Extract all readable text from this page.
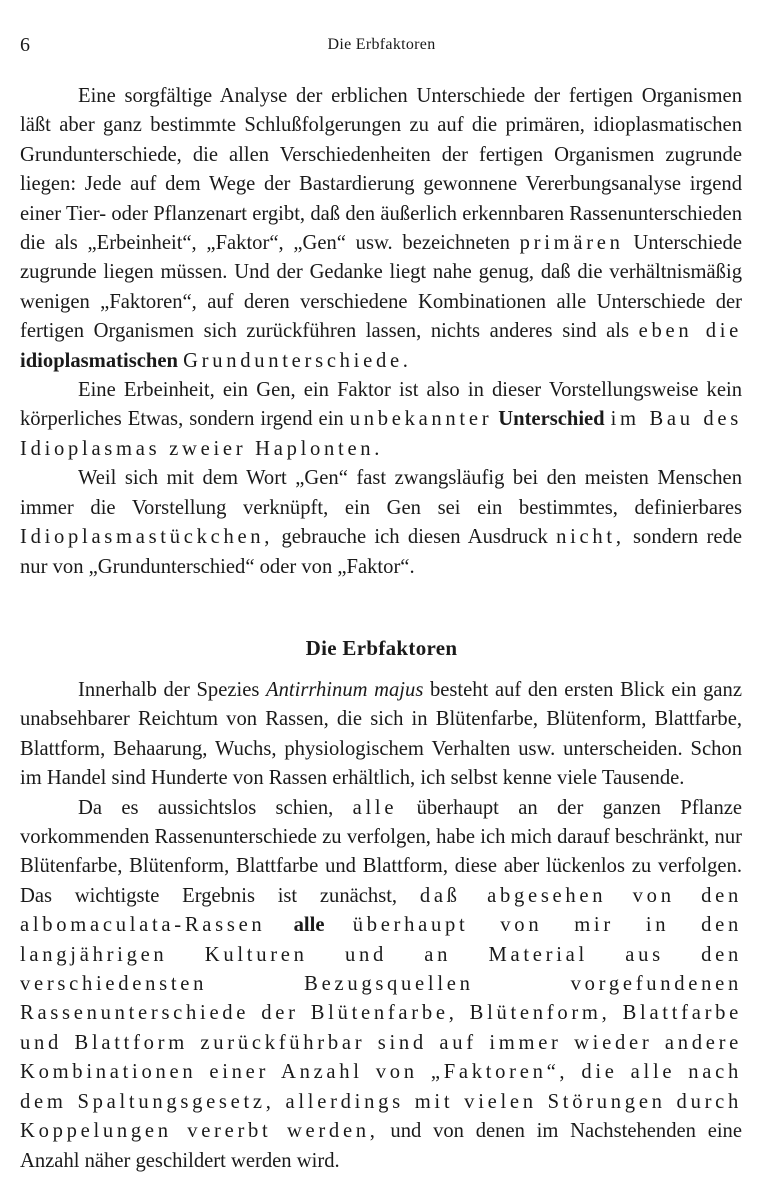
6	Die Erbfaktoren

Eine sorgfältige Analyse der erblichen Unterschiede der fertigen Organismen läßt aber ganz bestimmte Schlußfolgerungen zu auf die primären, idioplasmatischen Grundunterschiede, die allen Verschiedenheiten der fertigen Organismen zugrunde liegen: Jede auf dem Wege der Bastardierung gewonnene Vererbungsanalyse irgend einer Tier- oder Pflanzenart ergibt, daß den äußerlich erkennbaren Rassenunterschieden die als „Erbeinheit“, „Faktor“, „Gen“ usw. bezeichneten primären Unterschiede zugrunde liegen müssen. Und der Gedanke liegt nahe genug, daß die verhältnismäßig wenigen „Faktoren“, auf deren verschiedene Kombinationen alle Unterschiede der fertigen Organismen sich zurückführen lassen, nichts anderes sind als eben die idioplasmatischen Grundunterschiede.

Eine Erbeinheit, ein Gen, ein Faktor ist also in dieser Vorstellungsweise kein körperliches Etwas, sondern irgend ein unbekannter Unterschied im Bau des Idioplasmas zweier Haplonten.

Weil sich mit dem Wort „Gen“ fast zwangsläufig bei den meisten Menschen immer die Vorstellung verknüpft, ein Gen sei ein bestimmtes, definierbares Idioplasmastückchen, gebrauche ich diesen Ausdruck nicht, sondern rede nur von „Grundunterschied“ oder von „Faktor“.

Die Erbfaktoren

Innerhalb der Spezies Antirrhinum majus besteht auf den ersten Blick ein ganz unabsehbarer Reichtum von Rassen, die sich in Blütenfarbe, Blütenform, Blattfarbe, Blattform, Behaarung, Wuchs, physiologischem Verhalten usw. unterscheiden. Schon im Handel sind Hunderte von Rassen erhältlich, ich selbst kenne viele Tausende.

Da es aussichtslos schien, alle überhaupt an der ganzen Pflanze vorkommenden Rassenunterschiede zu verfolgen, habe ich mich darauf beschränkt, nur Blütenfarbe, Blütenform, Blattfarbe und Blattform, diese aber lückenlos zu verfolgen. Das wichtigste Ergebnis ist zunächst, daß abgesehen von den albomaculata-Rassen alle überhaupt von mir in den langjährigen Kulturen und an Material aus den verschiedensten Bezugsquellen vorgefundenen Rassenunterschiede der Blütenfarbe, Blütenform, Blattfarbe und Blattform zurückführbar sind auf immer wieder andere Kombinationen einer Anzahl von „Faktoren“, die alle nach dem Spaltungsgesetz, allerdings mit vielen Störungen durch Koppelungen vererbt werden, und von denen im Nachstehenden eine Anzahl näher geschildert werden wird.
